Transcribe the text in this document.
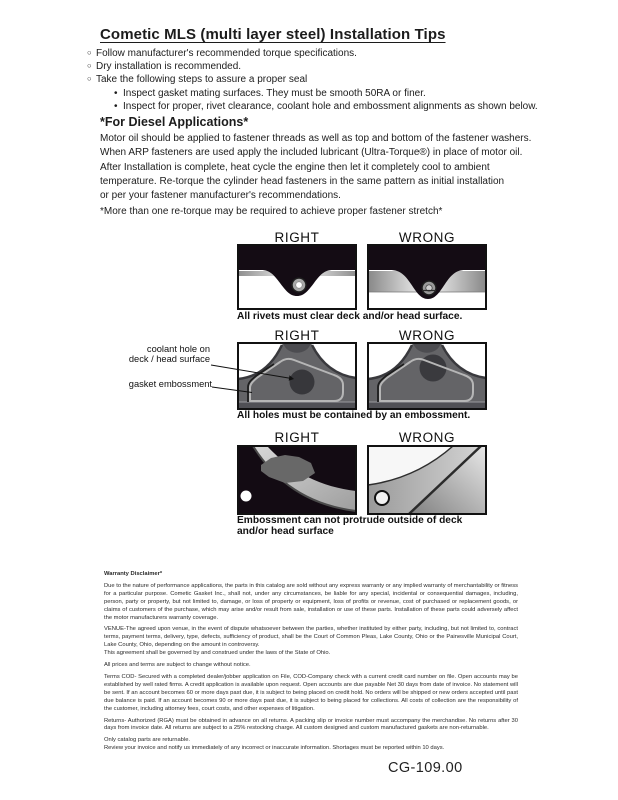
Cometic MLS (multi layer steel) Installation Tips
○ Follow manufacturer's recommended torque specifications.
○ Dry installation is recommended.
○ Take the following steps to assure a proper seal
• Inspect gasket mating surfaces. They must be smooth 50RA or finer.
• Inspect for proper, rivet clearance, coolant hole and embossment alignments as shown below.
*For Diesel Applications*
Motor oil should be applied to fastener threads as well as top and bottom of the fastener washers.
When ARP fasteners are used apply the included lubricant (Ultra-Torque®) in place of motor oil.
After Installation is complete, heat cycle the engine then let it completely cool to ambient
temperature. Re-torque the cylinder head fasteners in the same pattern as initial installation
or per your fastener manufacturer's recommendations.
*More than one re-torque may be required to achieve proper fastener stretch*
RIGHT	WRONG
All rivets must clear deck and/or head surface.
RIGHT	WRONG
coolant hole on
deck / head surface
gasket embossment
All holes must be contained by an embossment.
RIGHT	WRONG
Embossment can not protrude outside of deck
and/or head surface
Warranty Disclaimer*

Due to the nature of performance applications, the parts in this catalog are sold without any express warranty or any implied warranty of merchantability or fitness for a particular purpose. Cometic Gasket Inc., shall not, under any circumstances, be liable for any special, incidental or consequential damages, including, person, party or property, but not limited to, damage, or loss of property or equipment, loss of profits or revenue, cost of purchased or replacement goods, or claims of customers of the purchase, which may arise and/or result from sale, installation or use of these parts. Installation of these parts could adversely affect the motor manufacturers warranty coverage.

VENUE-The agreed upon venue, in the event of dispute whatsoever between the parties, whether instituted by either party, including, but not limited to, contract terms, payment terms, delivery, type, defects, sufficiency of product, shall be the Court of Common Pleas, Lake County, Ohio or the Painesville Municipal Court, Lake County, Ohio, depending on the amount in controversy.
This agreement shall be governed by and construed under the laws of the State of Ohio.

All prices and terms are subject to change without notice.

Terms COD- Secured with a completed dealer/jobber application on File, COD-Company check with a current credit card number on file. Open accounts may be established by well rated firms. A credit application is available upon request. Open accounts are due payable Net 30 days from date of invoice. No statement will be sent. If an account becomes 60 or more days past due, it is subject to being placed on credit hold. No orders will be shipped or new orders accepted until past due balance is paid. If an account becomes 90 or more days past due, it is subject to being placed for collections. All costs of collection are the responsibility of the customer, including attorney fees, court costs, and other expenses of litigation.

Returns- Authorized (RGA) must be obtained in advance on all returns. A packing slip or invoice number must accompany the merchandise. No returns after 30 days from invoice date. All returns are subject to a 25% restocking charge. All custom designed and custom manufactured gaskets are non-returnable.

Only catalog parts are returnable.
Review your invoice and notify us immediately of any incorrect or inaccurate information. Shortages must be reported within 10 days.

CG-109.00
